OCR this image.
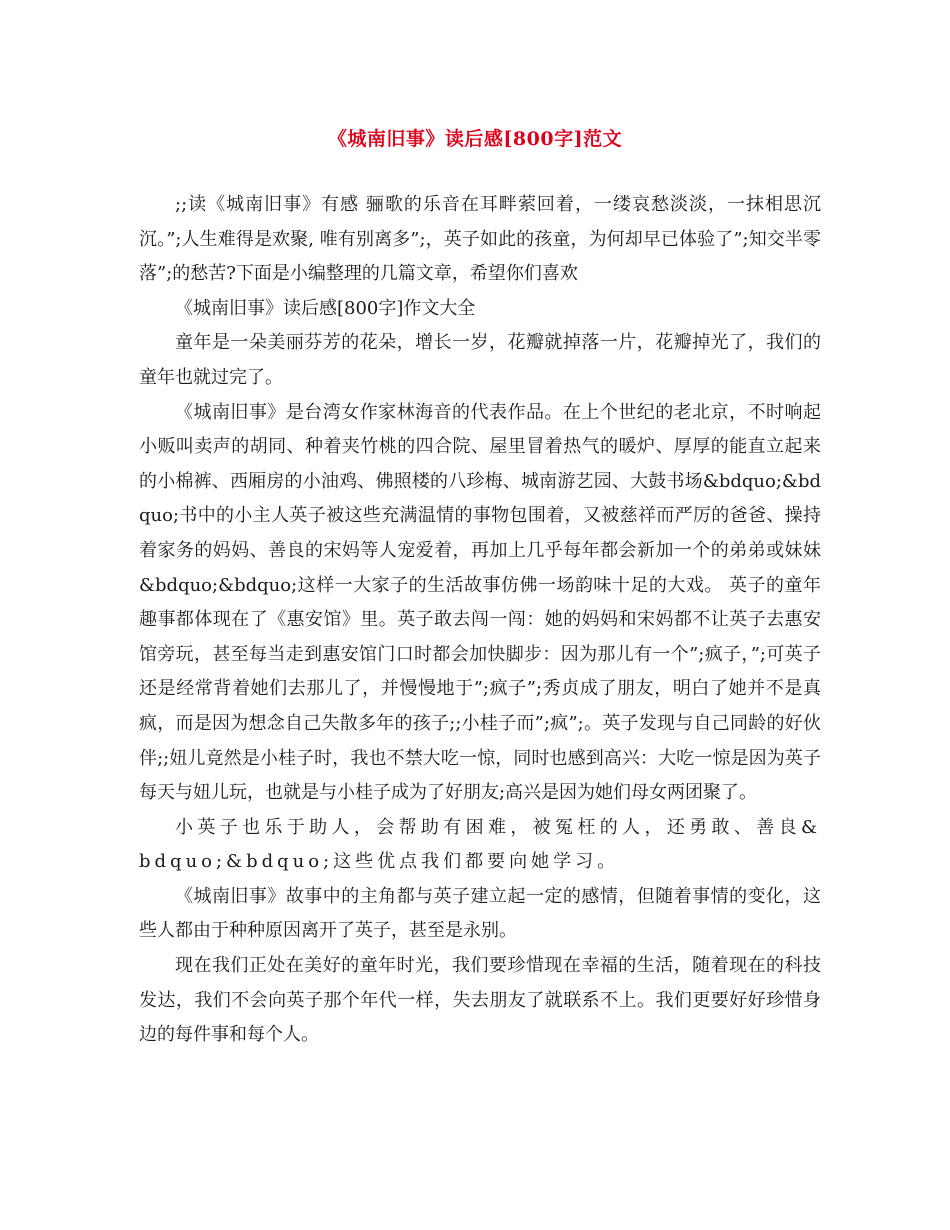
《城南旧事》读后感[800字]范文

;;读《城南旧事》有感 骊歌的乐音在耳畔萦回着，一缕哀愁淡淡，一抹相思沉沉。”;人生难得是欢聚, 唯有别离多”;，英子如此的孩童，为何却早已体验了”;知交半零落”;的愁苦?下面是小编整理的几篇文章，希望你们喜欢

《城南旧事》读后感[800字]作文大全

童年是一朵美丽芬芳的花朵，增长一岁，花瓣就掉落一片，花瓣掉光了，我们的童年也就过完了。

《城南旧事》是台湾女作家林海音的代表作品。在上个世纪的老北京，不时响起小贩叫卖声的胡同、种着夹竹桃的四合院、屋里冒着热气的暖炉、厚厚的能直立起来的小棉裤、西厢房的小油鸡、佛照楼的八珍梅、城南游艺园、大鼓书场&bdquo;&bdquo;书中的小主人英子被这些充满温情的事物包围着，又被慈祥而严厉的爸爸、操持着家务的妈妈、善良的宋妈等人宠爱着，再加上几乎每年都会新加一个的弟弟或妹妹&bdquo;&bdquo;这样一大家子的生活故事仿佛一场韵味十足的大戏。 英子的童年趣事都体现在了《惠安馆》里。英子敢去闯一闯：她的妈妈和宋妈都不让英子去惠安馆旁玩，甚至每当走到惠安馆门口时都会加快脚步：因为那儿有一个”;疯子，”;可英子还是经常背着她们去那儿了，并慢慢地于”;疯子”;秀贞成了朋友，明白了她并不是真疯，而是因为想念自己失散多年的孩子;;小桂子而”;疯”;。英子发现与自己同龄的好伙伴;;妞儿竟然是小桂子时，我也不禁大吃一惊，同时也感到高兴：大吃一惊是因为英子每天与妞儿玩，也就是与小桂子成为了好朋友;高兴是因为她们母女两团聚了。

小英子也乐于助人，会帮助有困难，被冤枉的人，还勇敢、善良&bdquo;&bdquo;这些优点我们都要向她学习。

《城南旧事》故事中的主角都与英子建立起一定的感情，但随着事情的变化，这些人都由于种种原因离开了英子，甚至是永别。

现在我们正处在美好的童年时光，我们要珍惜现在幸福的生活，随着现在的科技发达，我们不会向英子那个年代一样，失去朋友了就联系不上。我们更要好好珍惜身边的每件事和每个人。
